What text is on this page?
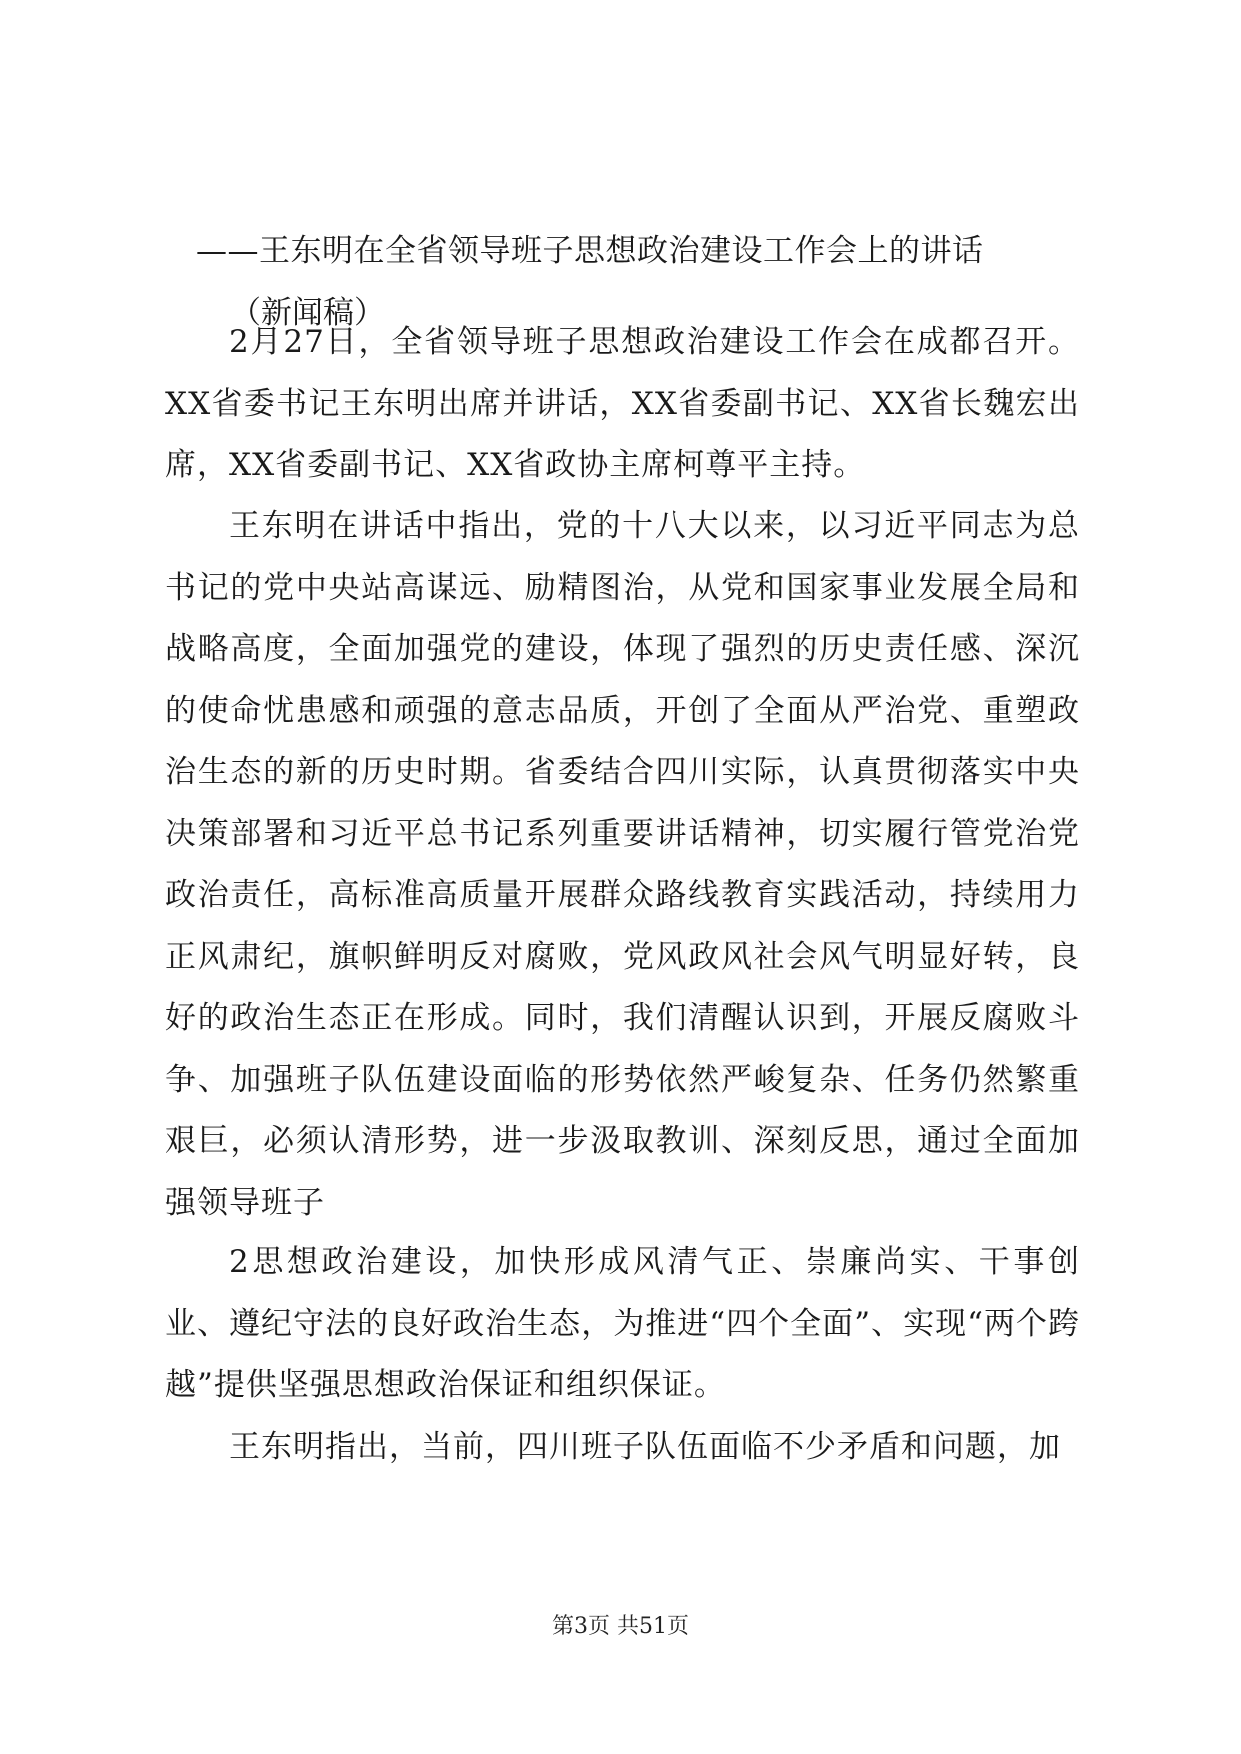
——王东明在全省领导班子思想政治建设工作会上的讲话
（新闻稿）

2月27日，全省领导班子思想政治建设工作会在成都召开。XX省委书记王东明出席并讲话，XX省委副书记、XX省长魏宏出席，XX省委副书记、XX省政协主席柯尊平主持。

王东明在讲话中指出，党的十八大以来，以习近平同志为总书记的党中央站高谋远、励精图治，从党和国家事业发展全局和战略高度，全面加强党的建设，体现了强烈的历史责任感、深沉的使命忧患感和顽强的意志品质，开创了全面从严治党、重塑政治生态的新的历史时期。省委结合四川实际，认真贯彻落实中央决策部署和习近平总书记系列重要讲话精神，切实履行管党治党政治责任，高标准高质量开展群众路线教育实践活动，持续用力正风肃纪，旗帜鲜明反对腐败，党风政风社会风气明显好转，良好的政治生态正在形成。同时，我们清醒认识到，开展反腐败斗争、加强班子队伍建设面临的形势依然严峻复杂、任务仍然繁重艰巨，必须认清形势，进一步汲取教训、深刻反思，通过全面加强领导班子

2思想政治建设，加快形成风清气正、崇廉尚实、干事创业、遵纪守法的良好政治生态，为推进“四个全面”、实现“两个跨越”提供坚强思想政治保证和组织保证。

王东明指出，当前，四川班子队伍面临不少矛盾和问题，加

第3页 共51页
